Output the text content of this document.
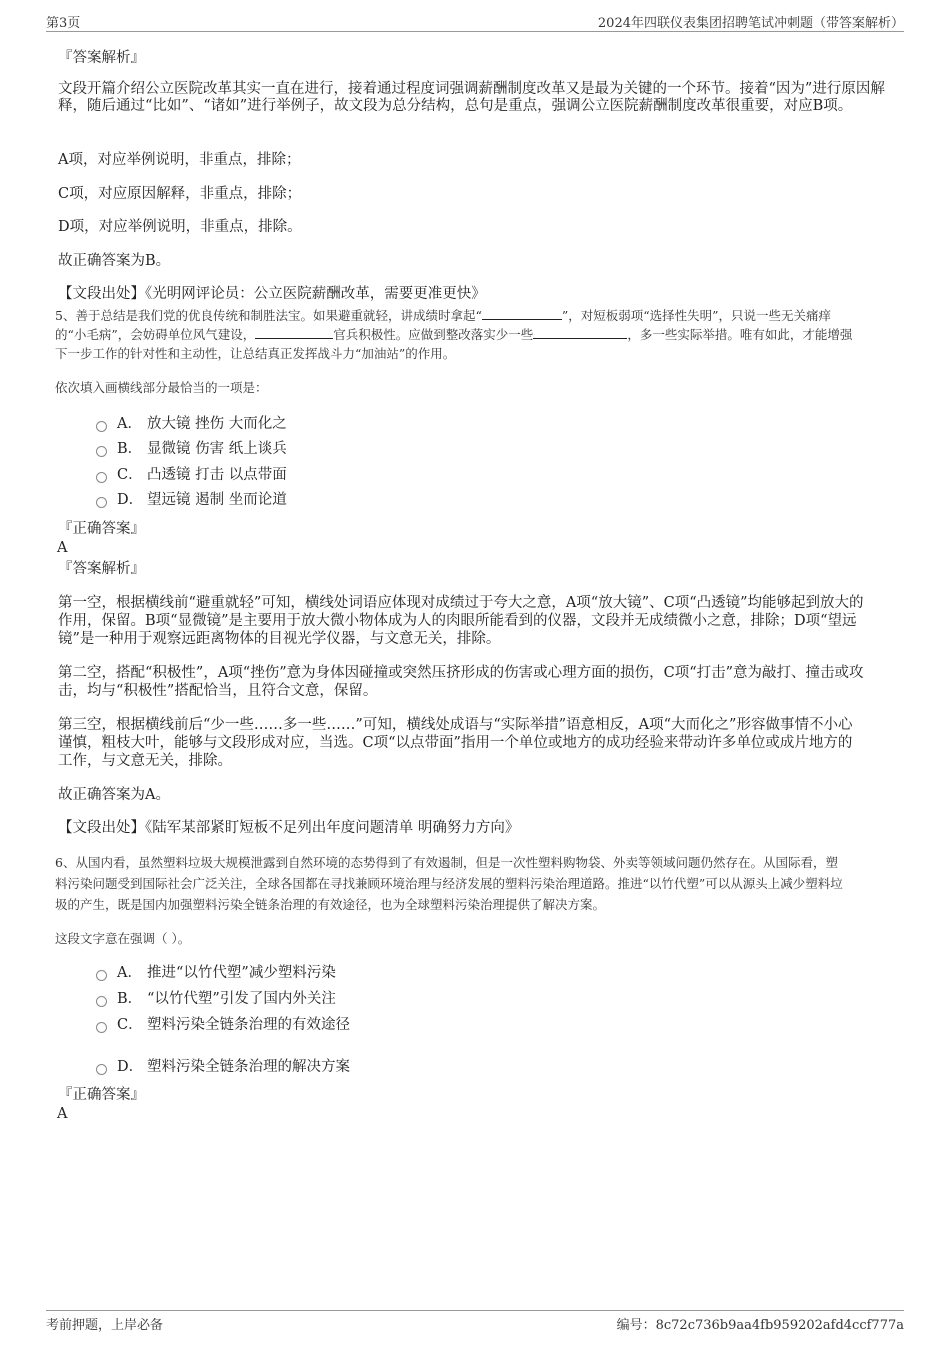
第3页	2024年四联仪表集团招聘笔试冲刺题（带答案解析）
『答案解析』
文段开篇介绍公立医院改革其实一直在进行，接着通过程度词强调薪酬制度改革又是最为关键的一个环节。接着“因为”进行原因解释，随后通过“比如”、“诸如”进行举例子，故文段为总分结构，总句是重点，强调公立医院薪酬制度改革很重要，对应B项。
A项，对应举例说明，非重点，排除；
C项，对应原因解释，非重点，排除；
D项，对应举例说明，非重点，排除。
故正确答案为B。
【文段出处】《光明网评论员：公立医院薪酬改革，需要更准更快》
5、善于总结是我们党的优良传统和制胜法宝。如果避重就轻，讲成绩时拿起“	”，对短板弱项“选择性失明”，只说一些无关痛痒
的“小毛病”，会妨碍单位风气建设，	官兵积极性。应做到整改落实少一些	，多一些实际举措。唯有如此，才能增强
下一步工作的针对性和主动性，让总结真正发挥战斗力“加油站”的作用。
依次填入画横线部分最恰当的一项是：
A． 放大镜 挫伤 大而化之
B． 显微镜 伤害 纸上谈兵
C． 凸透镜 打击 以点带面
D． 望远镜 遏制 坐而论道
『正确答案』
A
『答案解析』
第一空，根据横线前“避重就轻”可知，横线处词语应体现对成绩过于夸大之意，A项“放大镜”、C项“凸透镜”均能够起到放大的
作用，保留。B项“显微镜”是主要用于放大微小物体成为人的肉眼所能看到的仪器，文段并无成绩微小之意，排除；D项“望远
镜”是一种用于观察远距离物体的目视光学仪器，与文意无关，排除。
第二空，搭配“积极性”，A项“挫伤”意为身体因碰撞或突然压挤形成的伤害或心理方面的损伤，C项“打击”意为敲打、撞击或攻
击，均与“积极性”搭配恰当，且符合文意，保留。
第三空，根据横线前后“少一些……多一些……”可知，横线处成语与“实际举措”语意相反，A项“大而化之”形容做事情不小心
谨慎，粗枝大叶，能够与文段形成对应，当选。C项“以点带面”指用一个单位或地方的成功经验来带动许多单位或成片地方的
工作，与文意无关，排除。
故正确答案为A。
【文段出处】《陆军某部紧盯短板不足列出年度问题清单 明确努力方向》
6、从国内看，虽然塑料垃圾大规模泄露到自然环境的态势得到了有效遏制，但是一次性塑料购物袋、外卖等领域问题仍然存在。从国际看，塑
料污染问题受到国际社会广泛关注，全球各国都在寻找兼顾环境治理与经济发展的塑料污染治理道路。推进“以竹代塑”可以从源头上减少塑料垃
圾的产生，既是国内加强塑料污染全链条治理的有效途径，也为全球塑料污染治理提供了解决方案。
这段文字意在强调（ ）。
A． 推进“以竹代塑”减少塑料污染
B． “以竹代塑”引发了国内外关注
C． 塑料污染全链条治理的有效途径
D． 塑料污染全链条治理的解决方案
『正确答案』
A
考前押题，上岸必备	编号：8c72c736b9aa4fb959202afd4ccf777a
